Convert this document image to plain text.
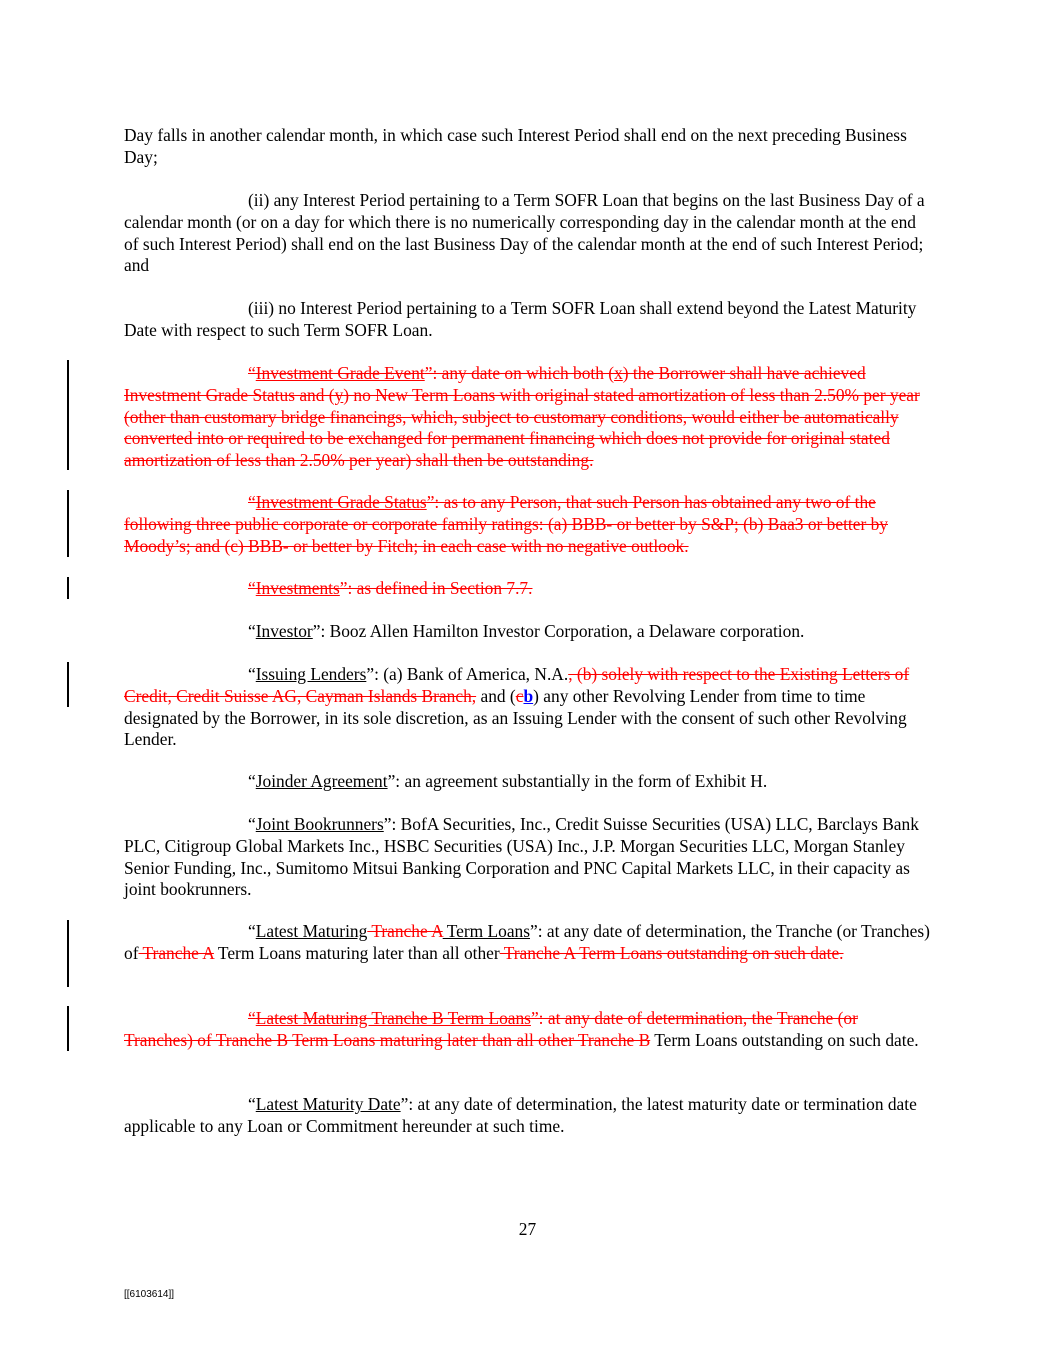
Day falls in another calendar month, in which case such Interest Period shall end on the next preceding Business Day;

(ii) any Interest Period pertaining to a Term SOFR Loan that begins on the last Business Day of a calendar month (or on a day for which there is no numerically corresponding day in the calendar month at the end of such Interest Period) shall end on the last Business Day of the calendar month at the end of such Interest Period; and

(iii) no Interest Period pertaining to a Term SOFR Loan shall extend beyond the Latest Maturity Date with respect to such Term SOFR Loan.

“Investment Grade Event”: any date on which both (x) the Borrower shall have achieved Investment Grade Status and (y) no New Term Loans with original stated amortization of less than 2.50% per year (other than customary bridge financings, which, subject to customary conditions, would either be automatically converted into or required to be exchanged for permanent financing which does not provide for original stated amortization of less than 2.50% per year) shall then be outstanding.

“Investment Grade Status”: as to any Person, that such Person has obtained any two of the following three public corporate or corporate family ratings: (a) BBB- or better by S&P; (b) Baa3 or better by Moody’s; and (c) BBB- or better by Fitch; in each case with no negative outlook.

“Investments”: as defined in Section 7.7.

“Investor”: Booz Allen Hamilton Investor Corporation, a Delaware corporation.

“Issuing Lenders”: (a) Bank of America, N.A., (b) solely with respect to the Existing Letters of Credit, Credit Suisse AG, Cayman Islands Branch, and (cb) any other Revolving Lender from time to time designated by the Borrower, in its sole discretion, as an Issuing Lender with the consent of such other Revolving Lender.

“Joinder Agreement”: an agreement substantially in the form of Exhibit H.

“Joint Bookrunners”: BofA Securities, Inc., Credit Suisse Securities (USA) LLC, Barclays Bank PLC, Citigroup Global Markets Inc., HSBC Securities (USA) Inc., J.P. Morgan Securities LLC, Morgan Stanley Senior Funding, Inc., Sumitomo Mitsui Banking Corporation and PNC Capital Markets LLC, in their capacity as joint bookrunners.

“Latest Maturing Tranche A Term Loans”: at any date of determination, the Tranche (or Tranches) of Tranche A Term Loans maturing later than all other Tranche A Term Loans outstanding on such date.

“Latest Maturing Tranche B Term Loans”: at any date of determination, the Tranche (or Tranches) of Tranche B Term Loans maturing later than all other Tranche B Term Loans outstanding on such date.

“Latest Maturity Date”: at any date of determination, the latest maturity date or termination date applicable to any Loan or Commitment hereunder at such time.

27
[[6103614]]
